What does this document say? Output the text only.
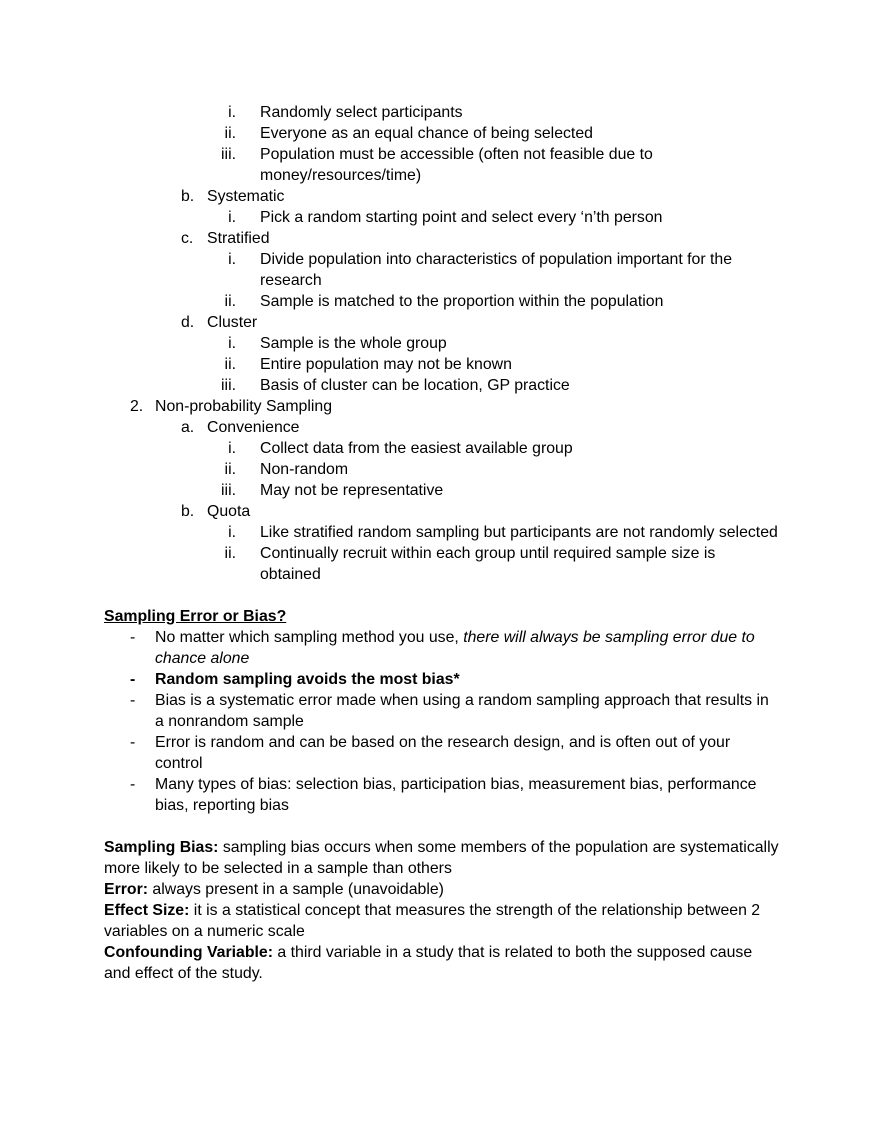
i.	Randomly select participants
ii.	Everyone as an equal chance of being selected
iii.	Population must be accessible (often not feasible due to money/resources/time)
b. Systematic
i.	Pick a random starting point and select every ‘n’th person
c. Stratified
i.	Divide population into characteristics of population important for the research
ii.	Sample is matched to the proportion within the population
d. Cluster
i.	Sample is the whole group
ii.	Entire population may not be known
iii.	Basis of cluster can be location, GP practice
2. Non-probability Sampling
a. Convenience
i.	Collect data from the easiest available group
ii.	Non-random
iii.	May not be representative
b. Quota
i.	Like stratified random sampling but participants are not randomly selected
ii.	Continually recruit within each group until required sample size is obtained
Sampling Error or Bias?
-	No matter which sampling method you use, there will always be sampling error due to chance alone
-	Random sampling avoids the most bias*
-	Bias is a systematic error made when using a random sampling approach that results in a nonrandom sample
-	Error is random and can be based on the research design, and is often out of your control
-	Many types of bias: selection bias, participation bias, measurement bias, performance bias, reporting bias
Sampling Bias: sampling bias occurs when some members of the population are systematically more likely to be selected in a sample than others
Error: always present in a sample (unavoidable)
Effect Size: it is a statistical concept that measures the strength of the relationship between 2 variables on a numeric scale
Confounding Variable: a third variable in a study that is related to both the supposed cause and effect of the study.
